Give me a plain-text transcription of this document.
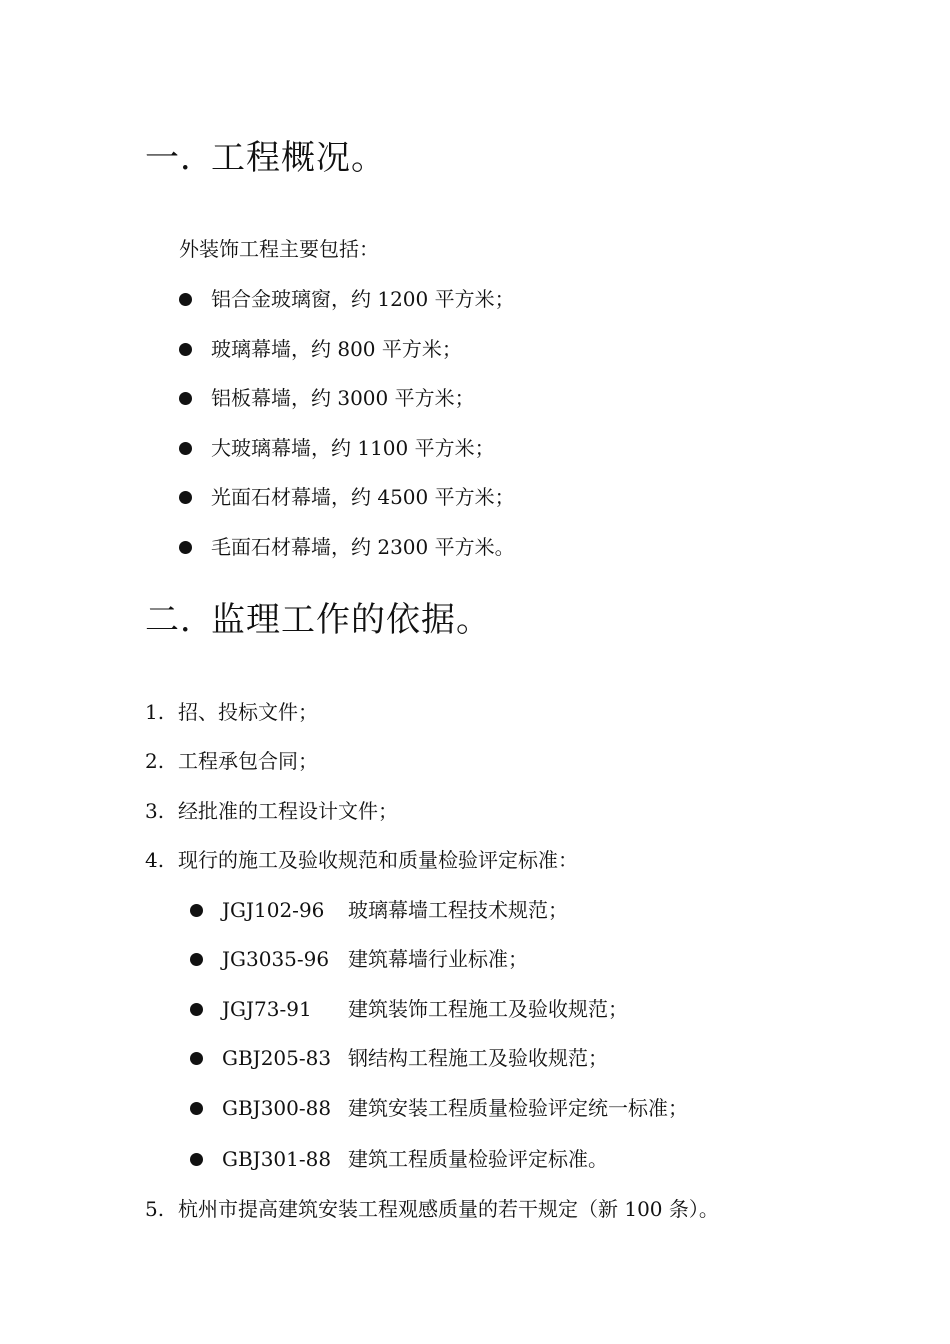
一．工程概况。
外装饰工程主要包括：
铝合金玻璃窗，约 1200 平方米；
玻璃幕墙，约 800 平方米；
铝板幕墙，约 3000 平方米；
大玻璃幕墙，约 1100 平方米；
光面石材幕墙，约 4500 平方米；
毛面石材幕墙，约 2300 平方米。
二．监理工作的依据。
1. 招、投标文件；
2. 工程承包合同；
3. 经批准的工程设计文件；
4. 现行的施工及验收规范和质量检验评定标准：
JGJ102-96 玻璃幕墙工程技术规范；
JG3035-96 建筑幕墙行业标准；
JGJ73-91 建筑装饰工程施工及验收规范；
GBJ205-83 钢结构工程施工及验收规范；
GBJ300-88 建筑安装工程质量检验评定统一标准；
GBJ301-88 建筑工程质量检验评定标准。
5. 杭州市提高建筑安装工程观感质量的若干规定（新 100 条）。
